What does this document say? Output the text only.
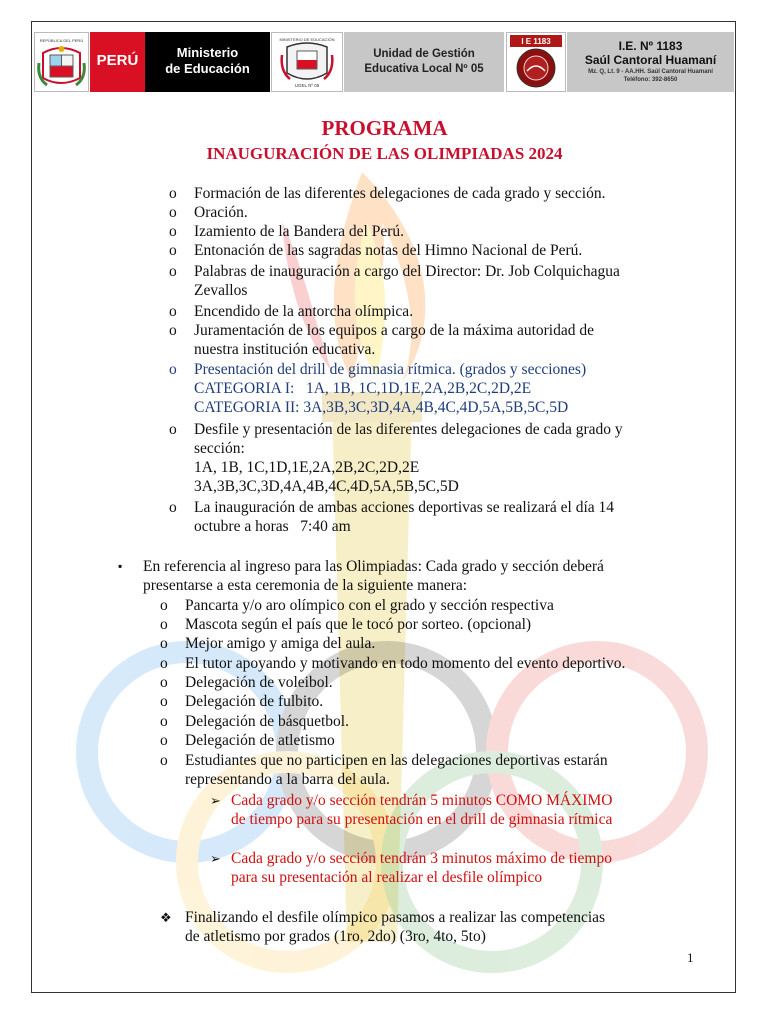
REPÚBLICA DEL PERÚ
PERÚ	Ministerio
de Educación
MINISTERIO DE EDUCACIÓN
UGEL Nº 05
Unidad de Gestión
Educativa Local Nº 05
I E 1183	I.E. Nº 1183
Saúl Cantoral Huamaní
Mz. Q, Lt. 9 - AA.HH. Saúl Cantoral Huamaní
Teléfono: 392-8650
PROGRAMA
INAUGURACIÓN DE LAS OLIMPIADAS 2024
o Formación de las diferentes delegaciones de cada grado y sección.
o Oración.
o Izamiento de la Bandera del Perú.
o Entonación de las sagradas notas del Himno Nacional de Perú.
o Palabras de inauguración a cargo del Director: Dr. Job Colquichagua
Zevallos
o Encendido de la antorcha olímpica.
o Juramentación de los equipos a cargo de la máxima autoridad de
nuestra institución educativa.
o Presentación del drill de gimnasia rítmica. (grados y secciones)
CATEGORIA I:   1A, 1B, 1C,1D,1E,2A,2B,2C,2D,2E
CATEGORIA II: 3A,3B,3C,3D,4A,4B,4C,4D,5A,5B,5C,5D
o Desfile y presentación de las diferentes delegaciones de cada grado y
sección:
1A, 1B, 1C,1D,1E,2A,2B,2C,2D,2E
3A,3B,3C,3D,4A,4B,4C,4D,5A,5B,5C,5D
o La inauguración de ambas acciones deportivas se realizará el día 14
octubre a horas   7:40 am
▪ En referencia al ingreso para las Olimpiadas: Cada grado y sección deberá
presentarse a esta ceremonia de la siguiente manera:
o Pancarta y/o aro olímpico con el grado y sección respectiva
o Mascota según el país que le tocó por sorteo. (opcional)
o Mejor amigo y amiga del aula.
o El tutor apoyando y motivando en todo momento del evento deportivo.
o Delegación de voleibol.
o Delegación de fulbito.
o Delegación de básquetbol.
o Delegación de atletismo
o Estudiantes que no participen en las delegaciones deportivas estarán
representando a la barra del aula.
➢ Cada grado y/o sección tendrán 5 minutos COMO MÁXIMO
de tiempo para su presentación en el drill de gimnasia rítmica
➢ Cada grado y/o sección tendrán 3 minutos máximo de tiempo
para su presentación al realizar el desfile olímpico
❖ Finalizando el desfile olímpico pasamos a realizar las competencias
de atletismo por grados (1ro, 2do) (3ro, 4to, 5to)
1
